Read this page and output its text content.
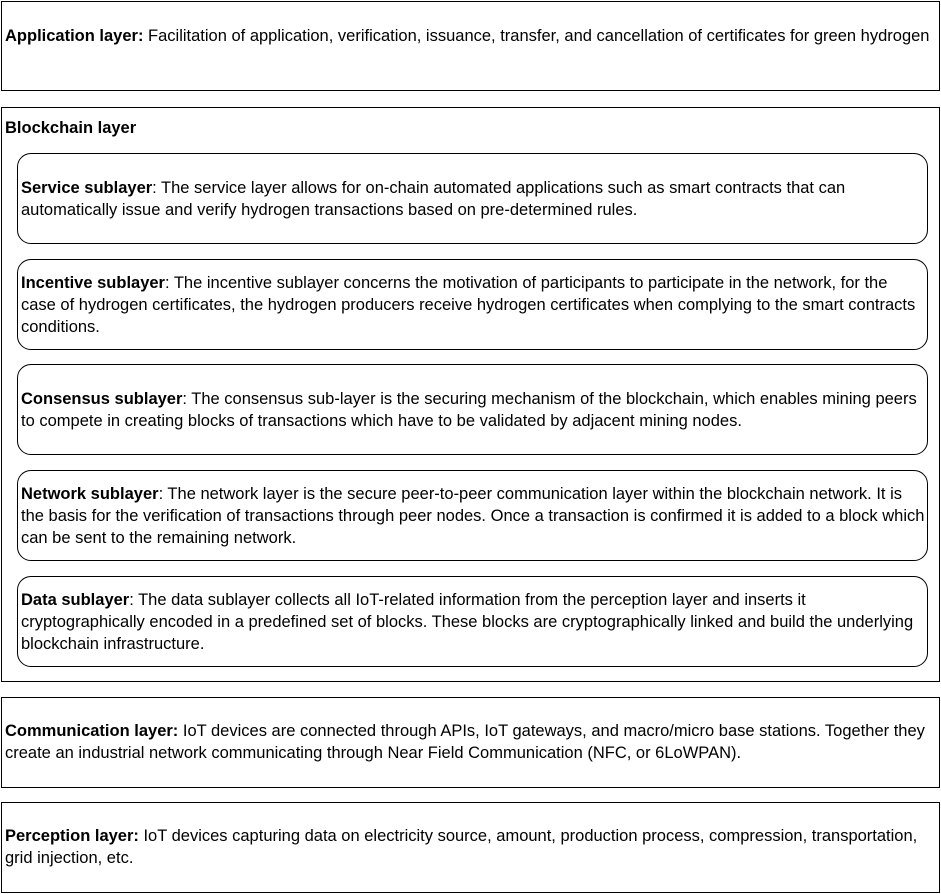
Application layer: Facilitation of application, verification, issuance, transfer, and cancellation of certificates for green hydrogen
Blockchain layer
Service sublayer: The service layer allows for on-chain automated applications such as smart contracts that can automatically issue and verify hydrogen transactions based on pre-determined rules.
Incentive sublayer: The incentive sublayer concerns the motivation of participants to participate in the network, for the case of hydrogen certificates, the hydrogen producers receive hydrogen certificates when complying to the smart contracts conditions.
Consensus sublayer: The consensus sub-layer is the securing mechanism of the blockchain, which enables mining peers to compete in creating blocks of transactions which have to be validated by adjacent mining nodes.
Network sublayer: The network layer is the secure peer-to-peer communication layer within the blockchain network. It is the basis for the verification of transactions through peer nodes. Once a transaction is confirmed it is added to a block which can be sent to the remaining network.
Data sublayer: The data sublayer collects all IoT-related information from the perception layer and inserts it cryptographically encoded in a predefined set of blocks. These blocks are cryptographically linked and build the underlying blockchain infrastructure.
Communication layer: IoT devices are connected through APIs, IoT gateways, and macro/micro base stations. Together they create an industrial network communicating through Near Field Communication (NFC, or 6LoWPAN).
Perception layer: IoT devices capturing data on electricity source, amount, production process, compression, transportation, grid injection, etc.
